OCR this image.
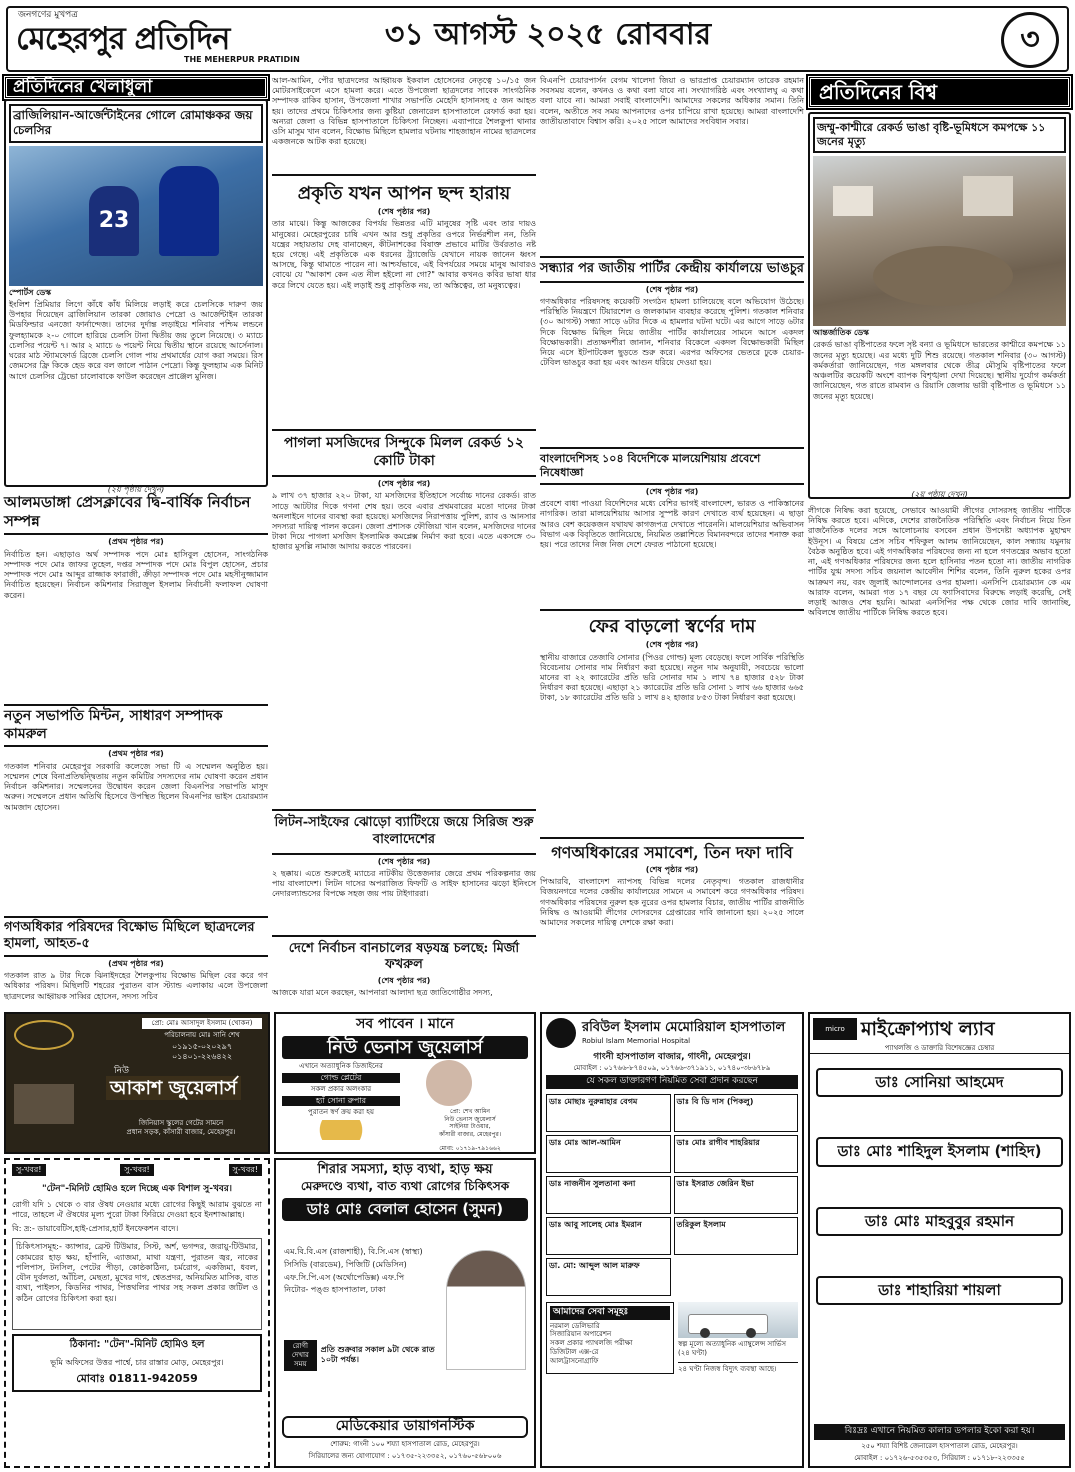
জনগণের মুখপত্র
মেহেরপুর প্রতিদিন
THE MEHERPUR PRATIDIN
৩১ আগস্ট ২০২৫ রোববার	৩
প্রতিদিনের খেলাধুলা
ব্রাজিলিয়ান-আর্জেন্টাইনের গোলে রোমাঞ্চকর জয় চেলসির
23
স্পোর্টস ডেস্ক
ইংলিশ প্রিমিয়ার লিগে কাঁধে কাঁধ মিলিয়ে লড়াই করে চেলসিকে দারুণ জয় উপহার দিয়েছেন ব্রাজিলিয়ান তারকা জোয়াও পেদ্রো ও আর্জেন্টাইন তারকা মিডফিল্ডার এনজো ফার্নান্দেজ। তাদের দুর্দান্ত লড়াইয়ে শনিবার পশ্চিম লন্ডনে ফুলহ্যামকে ২-০ গোলে হারিয়ে চেলসি টানা দ্বিতীয় জয় তুলে নিয়েছে। ৩ ম্যাচে চেলসির পয়েন্ট ৭। আর ২ ম্যাচে ৬ পয়েন্ট নিয়ে দ্বিতীয় স্থানে রয়েছে আর্সেনাল। ঘরের মাঠ স্ট্যামফোর্ড ব্রিজে চেলসি গোল পায় প্রথমার্ধের যোগ করা সময়ে। রিস জেমসের ফ্রি কিকে হেড করে বল জালে পাঠান পেদ্রো। কিন্তু ফুলহ্যাম এক মিনিট আগে চেলসির ট্রেভো চালোবাকে ফাউল করেছেন প্রাঞ্জেল মুনিজ।
(২য় পৃষ্ঠায় দেখুন)
আলমডাঙ্গা প্রেসক্লাবের দ্বি-বার্ষিক নির্বাচন সম্পন্ন
(প্রথম পৃষ্ঠার পর)
নির্বাচিত হন। এছাড়াও অর্থ সম্পাদক পদে মোঃ হাসিবুল হোসেন, সাংগঠনিক সম্পাদক পদে মোঃ জাফর তুহেল, দপ্তর সম্পাদক পদে মোঃ বিপুল হোসেন, প্রচার সম্পাদক পদে মোঃ আব্দুর রাজ্জাক ফারাজী, ক্রীড়া সম্পাদক পদে মোঃ মহসীনুজ্জামান নির্বাচিত হয়েছেন। নির্বাচন কমিশনার সিরাজুল ইসলাম নির্বাচনী ফলাফল ঘোষণা করেন।
নতুন সভাপতি মিন্টন, সাধারণ সম্পাদক কামরুল
(প্রথম পৃষ্ঠার পর)
গতকাল শনিবার মেহেরপুর সরকারি কলেজে সভা টি এ সম্মেলন অনুষ্ঠিত হয়। সম্মেলন শেষে বিনাপ্রতিদ্বন্দ্বিতায় নতুন কমিটির সদস্যদের নাম ঘোষণা করেন প্রধান নির্বাচন কমিশনার। সম্মেলনের উদ্বোধন করেন জেলা বিএনপির সভাপতি মাসুদ অরুন। সম্মেলনে প্রধান অতিথি হিসেবে উপস্থিত ছিলেন বিএনপির ভাইস চেয়ারম্যান আমজাদ হোসেন।
গণঅধিকার পরিষদের বিক্ষোভ মিছিলে ছাত্রদলের হামলা, আহত-৫
(প্রথম পৃষ্ঠার পর)
গতকাল রাত ৯ টার দিকে ঝিনাইদহের শৈলকুপায় বিক্ষোভ মিছিল বের করে গণ অধিকার পরিষদ। মিছিলটি শহরের পুরাতন বাস স্ট্যান্ড এলাকায় এলে উপজেলা ছাত্রদলের আহ্বায়ক সাব্বির হোসেন, সদস্য সচিব
আল-আমিন, পৌর ছাত্রদলের আহ্বায়ক ইকবাল হোসেনের নেতৃত্বে ১০/১৫ জন মোটরসাইকেলে এসে হামলা করে। এতে উপজেলা ছাত্রদলের সাবেক সাংগঠনিক সম্পাদক রাকিব হাসান, উপজেলা শাখার সভাপতি মেহেদি হাসানসহ ৫ জন আহত হয়। তাদের প্রথমে চিকিৎসার জন্য কুষ্টিয়া জেনারেল হাসপাতালে রেফার্ড করা হয়। অন্যরা জেলা ও বিভিন্ন হাসপাতালে চিকিৎসা নিচ্ছেন। এব্যাপারে শৈলকুপা থানার ওসি মাসুম খান বলেন, বিক্ষোভ মিছিলে হামলার ঘটনায় শাহজাহান নামের ছাত্রদলের একজনকে আটক করা হয়েছে।
প্রকৃতি যখন আপন ছন্দ হারায়
(শেষ পৃষ্ঠার পর)
তার মাঝে। কিন্তু আজকের বিপর্যয় ভিন্নতর এটি মানুষের সৃষ্টি এবং তার দায়ও মানুষের। মেহেরপুরের চাষি এখন আর শুধু প্রকৃতির ওপরে নির্ভরশীল নন, তিনি যন্ত্রের সহায়তায় দেহ বানাচ্ছেন, কীটনাশকের বিষাক্ত প্রভাবে মাটির উর্বরতাও নষ্ট হয়ে গেছে। এই প্রকৃতিকে এক ধরনের ট্র্যাজেডি যেখানে নায়ক জানেন ধ্বংস আসছে, কিন্তু থামাতে পারেন না। আশ্চর্যভাবে, এই বিপর্যয়ের সময়ে মানুষ আবারও বোঝে যে "আকাশ কেন এত নীল হইলো না গো?" আবার কখনও কবির ভাষা ধার করে লিখে যেতে হয়। এই লড়াই শুধু প্রাকৃতিক নয়, তা অস্তিত্বের, তা মনুষ্যত্বের।
পাগলা মসজিদের সিন্দুকে মিলল রেকর্ড ১২ কোটি টাকা
(শেষ পৃষ্ঠার পর)
৯ লাখ ৩৭ হাজার ২২০ টাকা, যা মসজিদের ইতিহাসে সর্বোচ্চ দানের রেকর্ড। রাত সাড়ে আটটার দিকে গণনা শেষ হয়। তবে এবার প্রথমবারের মতো দানের টাকা অনলাইনে দানের ব্যবস্থা করা হয়েছে। মসজিদের নিরাপত্তায় পুলিশ, র‍্যাব ও আনসার সদস্যরা দায়িত্ব পালন করেন। জেলা প্রশাসক ফৌজিয়া খান বলেন, মসজিদের দানের টাকা দিয়ে পাগলা মসজিদ ইসলামিক কমপ্লেক্স নির্মাণ করা হবে। এতে একসঙ্গে ৩০ হাজার মুসল্লি নামাজ আদায় করতে পারবেন।
লিটন-সাইফের ঝোড়ো ব্যাটিংয়ে জয়ে সিরিজ শুরু বাংলাদেশের
(শেষ পৃষ্ঠার পর)
২ ছক্কায়। এতে শুরুতেই ম্যাচের নাটকীয় উত্তেজনার জেরে প্রথম পরিকল্পনার জয় পায় বাংলাদেশ। লিটন দাসের অপরাজিত ফিফটি ও সাইফ হাসানের ঝড়ো ইনিংসে নেদারল্যান্ডসের বিপক্ষে সহজ জয় পায় টাইগাররা।
দেশে নির্বাচন বানচালের ষড়যন্ত্র চলছে: মির্জা ফখরুল
(শেষ পৃষ্ঠার পর)
আজকে যারা মনে করছেন, আপনারা আলাদা ছত্র জাতিগোষ্ঠীর সদস্য,
বিএনপি চেয়ারপার্সন বেগম খালেদা জিয়া ও ভারপ্রাপ্ত চেয়ারম্যান তারেক রহমান সবসময় বলেন, কখনও ও কথা বলা যাবে না। সংখ্যাগরিষ্ঠ এবং সংখ্যালঘু এ কথা বলা যাবে না। আমরা সবাই বাংলাদেশি। আমাদের সকলের অধিকার সমান। তিনি বলেন, অতীতে সব সময় আপনাদের ওপর চাপিয়ে রাখা হয়েছে। আমরা বাংলাদেশি জাতীয়তাবাদে বিশ্বাস করি। ২০২৫ সালে আমাদের সংবিধান সবার।
সন্ধ্যার পর জাতীয় পার্টির কেন্দ্রীয় কার্যালয়ে ভাঙচুর
(শেষ পৃষ্ঠার পর)
গণঅধিকার পরিষদসহ কয়েকটি সংগঠন হামলা চালিয়েছে বলে অভিযোগ উঠেছে। পরিস্থিতি নিয়ন্ত্রণে টিয়ারশেল ও জলকামান ব্যবহার করেছে পুলিশ। গতকাল শনিবার (৩০ আগস্ট) সন্ধ্যা সাড়ে ৬টার দিকে এ হামলার ঘটনা ঘটে। এর আগে সাড়ে ৬টার দিকে বিক্ষোভ মিছিল নিয়ে জাতীয় পার্টির কার্যালয়ের সামনে আসে একদল বিক্ষোভকারী। প্রত্যক্ষদর্শীরা জানান, শনিবার বিকেলে একদল বিক্ষোভকারী মিছিল নিয়ে এসে ইটপাটকেল ছুড়তে শুরু করে। এরপর অফিসের ভেতরে ঢুকে চেয়ার-টেবিল ভাঙচুর করা হয় এবং আগুন ধরিয়ে দেওয়া হয়।
বাংলাদেশিসহ ১০৪ বিদেশিকে মালয়েশিয়ায় প্রবেশে নিষেধাজ্ঞা
(শেষ পৃষ্ঠার পর)
প্রবেশে বাধা পাওয়া বিদেশিদের মধ্যে বেশির ভাগই বাংলাদেশ, ভারত ও পাকিস্তানের নাগরিক। তারা মালয়েশিয়ায় আসার সুস্পষ্ট কারণ দেখাতে ব্যর্থ হয়েছেন। এ ছাড়া আরও বেশ কয়েকজন যথাযথ কাগজপত্র দেখাতে পারেননি। মালয়েশিয়ার অভিবাসন বিভাগ এক বিবৃতিতে জানিয়েছে, নিয়মিত তল্লাশিতে বিমানবন্দরে তাদের শনাক্ত করা হয়। পরে তাদের নিজ নিজ দেশে ফেরত পাঠানো হয়েছে।
ফের বাড়লো স্বর্ণের দাম
(শেষ পৃষ্ঠার পর)
স্থানীয় বাজারে তেজাবি সোনার (পিওর গোল্ড) মূল্য বেড়েছে। ফলে সার্বিক পরিস্থিতি বিবেচনায় সোনার দাম নির্ধারণ করা হয়েছে। নতুন দাম অনুযায়ী, সবচেয়ে ভালো মানের বা ২২ ক্যারেটের প্রতি ভরি সোনার দাম ১ লাখ ৭৪ হাজার ৫২৮ টাকা নির্ধারণ করা হয়েছে। এছাড়া ২১ ক্যারেটের প্রতি ভরি সোনা ১ লাখ ৬৬ হাজার ৬৬৫ টাকা, ১৮ ক্যারেটের প্রতি ভরি ১ লাখ ৪২ হাজার ৮৫৩ টাকা নির্ধারণ করা হয়েছে।
গণঅধিকারের সমাবেশ, তিন দফা দাবি
(শেষ পৃষ্ঠার পর)
পিআরবি, বাংলাদেশ ন্যাপসহ বিভিন্ন দলের নেতৃবৃন্দ। গতকাল রাজধানীর বিজয়নগরে দলের কেন্দ্রীয় কার্যালয়ের সামনে এ সমাবেশ করে গণঅধিকার পরিষদ। গণঅধিকার পরিষদের নুরুল হক নুরের ওপর হামলার বিচার, জাতীয় পার্টির রাজনীতি নিষিদ্ধ ও আওয়ামী লীগের দোসরদের গ্রেপ্তারের দাবি জানানো হয়। ২০২৫ সালে আমাদের সকলের দায়িত্ব দেশকে রক্ষা করা।
প্রতিদিনের বিশ্ব
জম্মু-কাশ্মীরে রেকর্ড ভাঙা বৃষ্টি-ভূমিধসে কমপক্ষে ১১ জনের মৃত্যু
আন্তর্জাতিক ডেস্ক
রেকর্ড ভাঙা বৃষ্টিপাতের ফলে সৃষ্ট বন্যা ও ভূমিধসে ভারতের কাশ্মীরে কমপক্ষে ১১ জনের মৃত্যু হয়েছে। এর মধ্যে দুটি শিশু রয়েছে। গতকাল শনিবার (৩০ আগস্ট) কর্মকর্তারা জানিয়েছেন, গত মঙ্গলবার থেকে তীব্র মৌসুমি বৃষ্টিপাতের ফলে অঞ্চলটির কয়েকটি অংশে ব্যাপক বিশৃঙ্খলা দেখা দিয়েছে। স্থানীয় দুর্যোগ কর্মকর্তা জানিয়েছেন, গত রাতে রামবান ও রিয়াসি জেলায় ভারী বৃষ্টিপাত ও ভূমিধসে ১১ জনের মৃত্যু হয়েছে।
(২য় পৃষ্ঠায় দেখুন)
লীগকে নিষিদ্ধ করা হয়েছে, সেভাবে আওয়ামী লীগের দোসরসহ জাতীয় পার্টিকে নিষিদ্ধ করতে হবে। এদিকে, দেশের রাজনৈতিক পরিস্থিতি এবং নির্বাচন নিয়ে তিন রাজনৈতিক দলের সঙ্গে আলোচনায় বসবেন প্রধান উপদেষ্টা অধ্যাপক মুহাম্মদ ইউনূস। এ বিষয়ে প্রেস সচিব শফিকুল আলম জানিয়েছেন, কাল সন্ধ্যায় যমুনায় বৈঠক অনুষ্ঠিত হবে। এই গণঅধিকার পরিষদের জন্য না হলে গণতন্ত্রের অভাব হতো না, এই গণঅধিকার পরিষদের জন্য হলে হাসিনার পতন হতো না। জাতীয় নাগরিক পার্টির যুগ্ম সদস্য সচিব জয়নাল আবেদীন শিশির বলেন, তিনি নুরুল হকের ওপর আক্রমণ নয়, বরং জুলাই আন্দোলনের ওপর হামলা। এনসিপি চেয়ারম্যান কে এম আরাফ বলেন, আমরা গত ১৭ বছর যে ফ্যাসিবাদের বিরুদ্ধে লড়াই করেছি, সেই লড়াই আজও শেষ হয়নি। আমরা এনসিপির পক্ষ থেকে জোর দাবি জানাচ্ছি, অবিলম্বে জাতীয় পার্টিকে নিষিদ্ধ করতে হবে।
প্রো: মোঃ আসাদুল ইসলাম (খোকন)
পরিচালনায় মোঃ সানি শেখ
০১৯১৫-০২০২৯৭
০১৪০১-২২৬৪২২
নিউ
আকাশ জুয়েলার্স
জিনিয়াস স্কুলের গেটের সামনে
প্রধান সড়ক, কাঁসারী বাজার, মেহেরপুর।
সব পাবেন । মানে
নিউ ভেনাস জুয়েলার্স
এখানে অত্যাধুনিক ডিজাইনের
গোল্ড প্লেটের
সকল প্রকার অলংকার
হ্যাঁ সোনা রুপার
পুরাতন স্বর্ণ ক্রয় করা হয়	প্রো: শেখ আমিন
নিউ ভেনাস জুয়েলার্স
সাইনিয়া টাওয়ার,
কাঁসারী বাজার, মেহেরপুর।
মোবা: ০১৭১৯-৭৯১৬৬২
সু-খবর!	সু-খবর!	সু-খবর!
"টেন"-মিনিট হোমিও হলে দিচ্ছে এক বিশাল সু-খবর।
রোগী যদি ১ থেকে ৩ বার ঔষধ নেওয়ার মধ্যে রোগের কিছুই আরাম বুঝতে না পারে, তাহলে ঐ ঔষধের মূল্য পুরো টাকা ফিরিয়ে দেওয়া হবে ইনশাআল্লাহ।
বি: দ্র:- ডায়াবেটিস,হাই-প্রেসার,হার্ট ইনফেকশন বাদে।
চিকিৎসাসমূহ:- ক্যান্সার, ব্রেস্ট টিউমার, সিস্ট, অর্শ, ভগন্দর, জরায়ু-টিউমার, কোমরের হাড় ক্ষয়, হাঁপানি, এ্যাজমা, মাথা যন্ত্রণা, পুরাতন জ্বর, নাকের পলিপাস, টনসিল, পেটের পীড়া, কোষ্ঠকাঠিন্য, চর্মরোগ, একজিমা, ধবল, যৌন দুর্বলতা, আঁচিল, মেছতা, মুখের দাগ, শ্বেতপ্রদর, অনিয়মিত মাসিক, বাত ব্যথা, পাইলস, কিডনির পাথর, পিত্তথলির পাথর সহ সকল প্রকার জটিল ও কঠিন রোগের চিকিৎসা করা হয়।
ঠিকানা: "টেন"-মিনিট হোমিও হল
ভূমি অফিসের উত্তর পার্শ্বে, চার রাস্তার মোড়, মেহেরপুর।
মোবাঃ 01811-942059
শিরার সমস্যা, হাড় ব্যথা, হাড় ক্ষয়
মেরুদণ্ডে ব্যথা, বাত ব্যথা রোগের চিকিৎসক
ডাঃ মোঃ বেলাল হোসেন (সুমন)
এম.বি.বি.এস (রাজশাহী), বি.সি.এস (স্বাস্থ্য)
সিসিডি (বারডেম), পিজিটি (মেডিসিন)
এফ.সি.পি.এস (অর্থোপেডিক্স) এফ.পি
নিটোর- পঙ্গু হাসপাতাল, ঢাকা
রোগী দেখার সময়
প্রতি শুক্রবার সকাল ৯টা থেকে রাত ১০টা পর্যন্ত।
মেডিকেয়ার ডায়াগনস্টিক
শোরুম: গাংনী ১০০ শয্যা হাসপাতাল রোড, মেহেরপুর।
সিরিয়ালের জন্য যোগাযোগ : ০১৭৩৫-২২৩৩৫২, ০১৭৬০-৫৬৮০০৬
রবিউল ইসলাম মেমোরিয়াল হাসপাতাল
Robiul Islam Memorial Hospital
গাংনী হাসপাতাল বাজার, গাংনী, মেহেরপুর।
মোবাইল : ০১৭৬৬-৮৭৪৫০৯, ০১৭৬৬-৩৭১৯১১, ০১৭৪০-৩৮৬৭৮৯
যে সকল ডাক্তারগণ নিয়মিত সেবা প্রদান করছেন
ডাঃ মোছাঃ নুরুন্নাহার বেগম	ডাঃ বি ডি দাস (পিকলু)
ডাঃ মোঃ আল-আমিন	ডাঃ মোঃ রাগীব শাহরিয়ার
ডাঃ নাজনীন সুলতানা কনা	ডাঃ ইসরাত জেরিন ইভা
ডাঃ আবু সালেহ মোঃ ইমরান	তরিকুল ইসলাম
ডা. মো: আব্দুল আল মারুফ
আমাদের সেবা সমূহঃ
নরমাল ডেলিভারি
সিজারিয়ান অপারেশন
সকল প্রকার প্যাথলজি পরীক্ষা
ডিজিটাল এক্স-রে
আলট্রাসনোগ্রাফি
স্বল্প মূল্যে অত্যাধুনিক এ্যাম্বুলেন্স সার্ভিস (২৪ ঘণ্টা)
২৪ ঘণ্টা নিজস্ব বিদ্যুৎ ব্যবস্থা আছে।
micro মাইক্রোপ্যাথ ল্যাব
প্যাথলজি ও ডাক্তারি বিশেষজ্ঞের চেম্বার
ডাঃ সোনিয়া আহমেদ
ডাঃ মোঃ শাহিদুল ইসলাম (শাহিদ)
ডাঃ মোঃ মাহবুবুর রহমান
ডাঃ শাহারিয়া শায়লা
বিঃদ্রঃ এখানে নিয়মিত কালার ডপলার ইকো করা হয়।
২৫০ শয্যা বিশিষ্ট জেনারেল হাসপাতাল রোড, মেহেরপুর।
মোবাইল : ০১৭২৬-৫৩৫৩৫৩, সিরিয়াল : ০১৭১৮-২২৩৩৫৫
